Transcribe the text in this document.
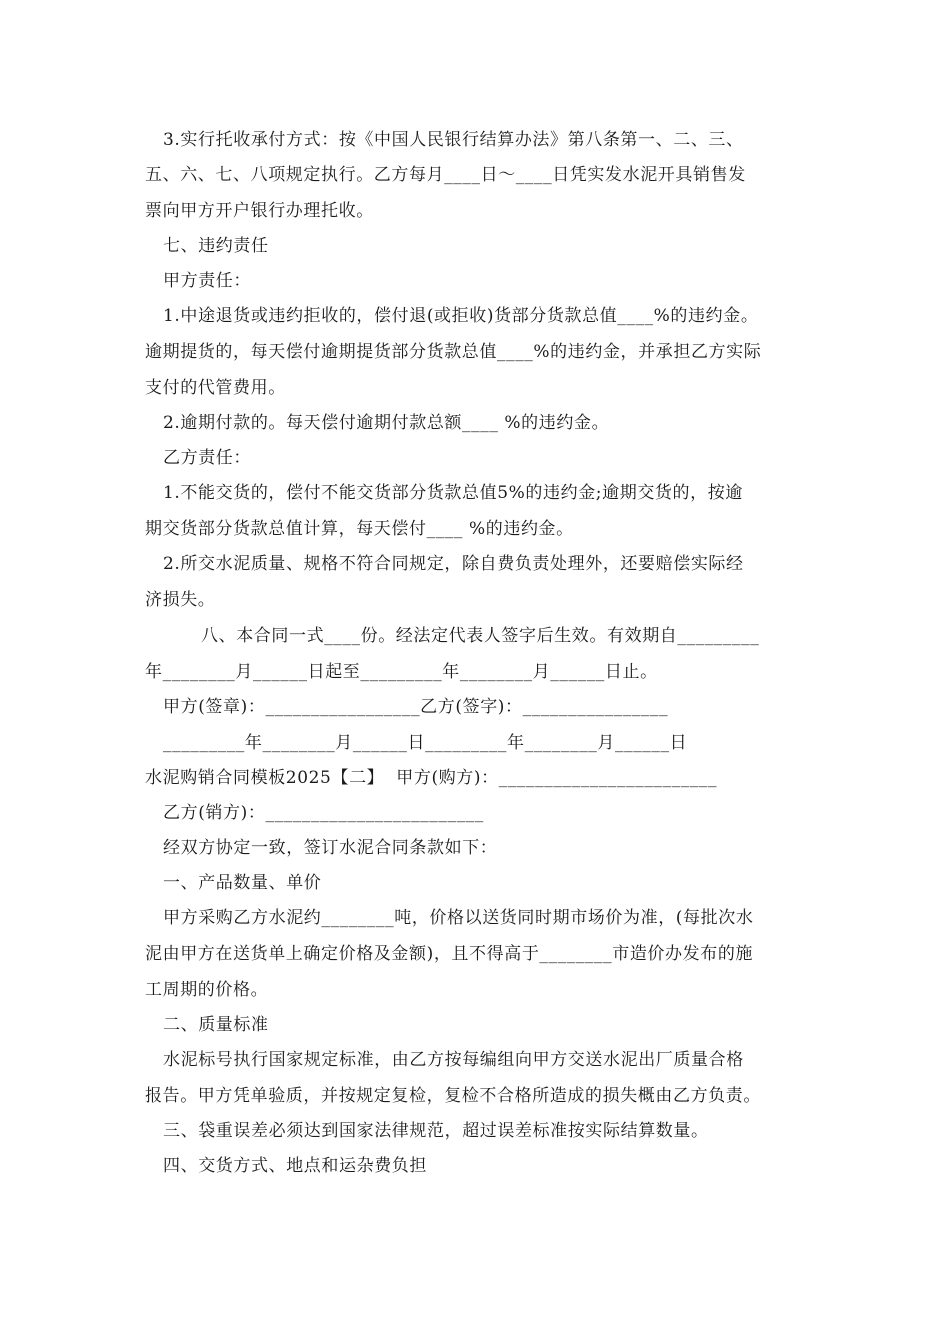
3.实行托收承付方式：按《中国人民银行结算办法》第八条第一、二、三、
五、六、七、八项规定执行。乙方每月____日～____日凭实发水泥开具销售发
票向甲方开户银行办理托收。
七、违约责任
甲方责任：
1.中途退货或违约拒收的，偿付退(或拒收)货部分货款总值____%的违约金。
逾期提货的，每天偿付逾期提货部分货款总值____%的违约金，并承担乙方实际
支付的代管费用。
2.逾期付款的。每天偿付逾期付款总额____ %的违约金。
乙方责任：
1.不能交货的，偿付不能交货部分货款总值5%的违约金;逾期交货的，按逾
期交货部分货款总值计算，每天偿付____ %的违约金。
2.所交水泥质量、规格不符合同规定，除自费负责处理外，还要赔偿实际经
济损失。
八、本合同一式____份。经法定代表人签字后生效。有效期自_________
年________月______日起至_________年________月______日止。
甲方(签章)：_________________乙方(签字)：________________
_________年________月______日_________年________月______日
水泥购销合同模板2025【二】  甲方(购方)：________________________
乙方(销方)：________________________
经双方协定一致，签订水泥合同条款如下：
一、产品数量、单价
甲方采购乙方水泥约________吨，价格以送货同时期市场价为准，(每批次水
泥由甲方在送货单上确定价格及金额)，且不得高于________市造价办发布的施
工周期的价格。
二、质量标准
水泥标号执行国家规定标准，由乙方按每编组向甲方交送水泥出厂质量合格
报告。甲方凭单验质，并按规定复检，复检不合格所造成的损失概由乙方负责。
三、袋重误差必须达到国家法律规范，超过误差标准按实际结算数量。
四、交货方式、地点和运杂费负担
